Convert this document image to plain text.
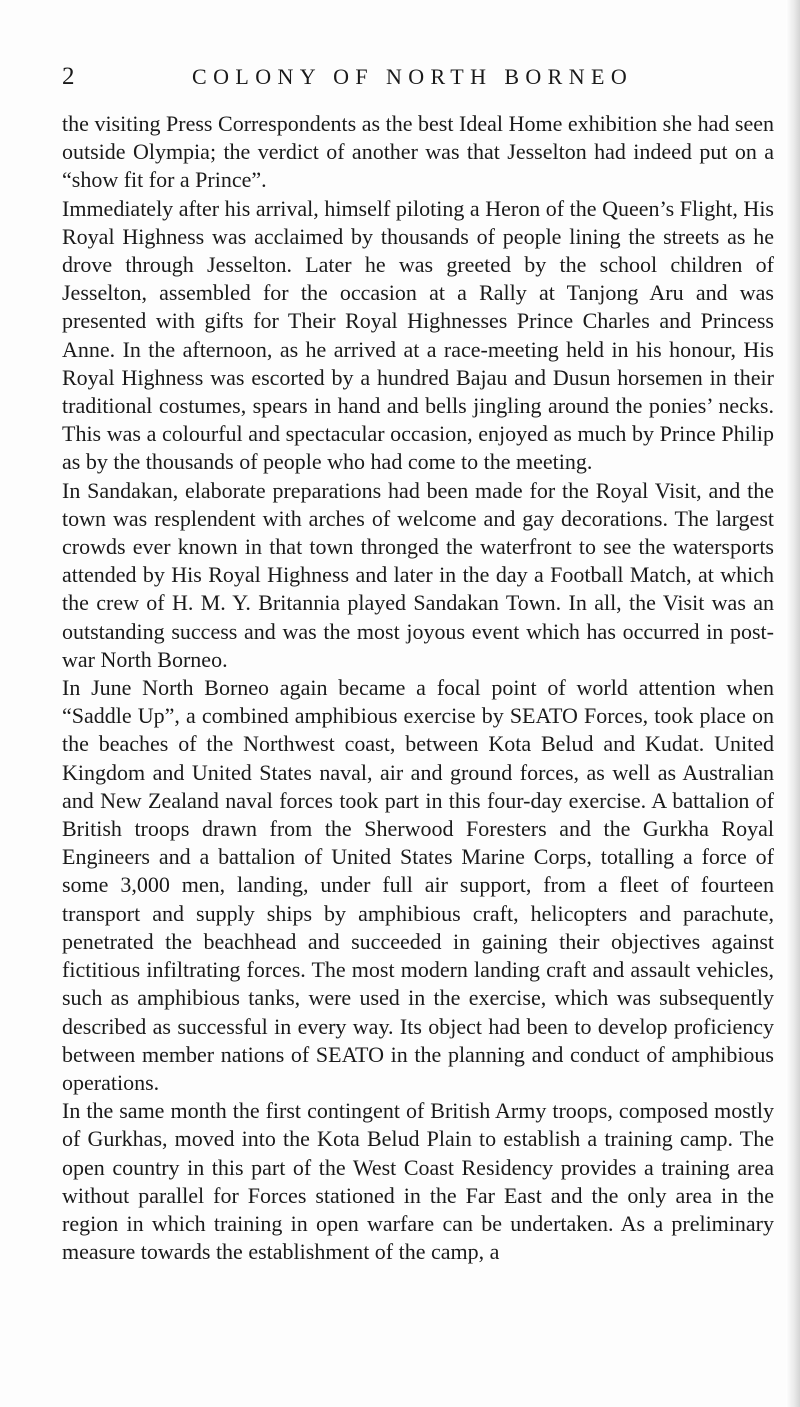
2	COLONY OF NORTH BORNEO

the visiting Press Correspondents as the best Ideal Home exhibition she had seen outside Olympia; the verdict of another was that Jesselton had indeed put on a “show fit for a Prince”.

Immediately after his arrival, himself piloting a Heron of the Queen’s Flight, His Royal Highness was acclaimed by thousands of people lining the streets as he drove through Jesselton. Later he was greeted by the school children of Jesselton, assembled for the occasion at a Rally at Tanjong Aru and was presented with gifts for Their Royal Highnesses Prince Charles and Princess Anne. In the afternoon, as he arrived at a race-meeting held in his honour, His Royal Highness was escorted by a hundred Bajau and Dusun horsemen in their traditional costumes, spears in hand and bells jingling around the ponies’ necks. This was a colourful and spectacular occasion, enjoyed as much by Prince Philip as by the thousands of people who had come to the meeting.

In Sandakan, elaborate preparations had been made for the Royal Visit, and the town was resplendent with arches of welcome and gay decorations. The largest crowds ever known in that town thronged the waterfront to see the watersports attended by His Royal Highness and later in the day a Football Match, at which the crew of H. M. Y. Britannia played Sandakan Town. In all, the Visit was an outstanding success and was the most joyous event which has occurred in post-war North Borneo.

In June North Borneo again became a focal point of world attention when “Saddle Up”, a combined amphibious exercise by SEATO Forces, took place on the beaches of the Northwest coast, between Kota Belud and Kudat. United Kingdom and United States naval, air and ground forces, as well as Australian and New Zealand naval forces took part in this four-day exercise. A battalion of British troops drawn from the Sherwood Foresters and the Gurkha Royal Engineers and a battalion of United States Marine Corps, totalling a force of some 3,000 men, landing, under full air support, from a fleet of fourteen transport and supply ships by amphibious craft, helicopters and parachute, penetrated the beachhead and succeeded in gaining their objectives against fictitious infiltrating forces. The most modern landing craft and assault vehicles, such as amphibious tanks, were used in the exercise, which was subsequently described as successful in every way. Its object had been to develop proficiency between member nations of SEATO in the planning and conduct of amphibious operations.

In the same month the first contingent of British Army troops, composed mostly of Gurkhas, moved into the Kota Belud Plain to establish a training camp. The open country in this part of the West Coast Residency provides a training area without parallel for Forces stationed in the Far East and the only area in the region in which training in open warfare can be undertaken. As a preliminary measure towards the establishment of the camp, a
